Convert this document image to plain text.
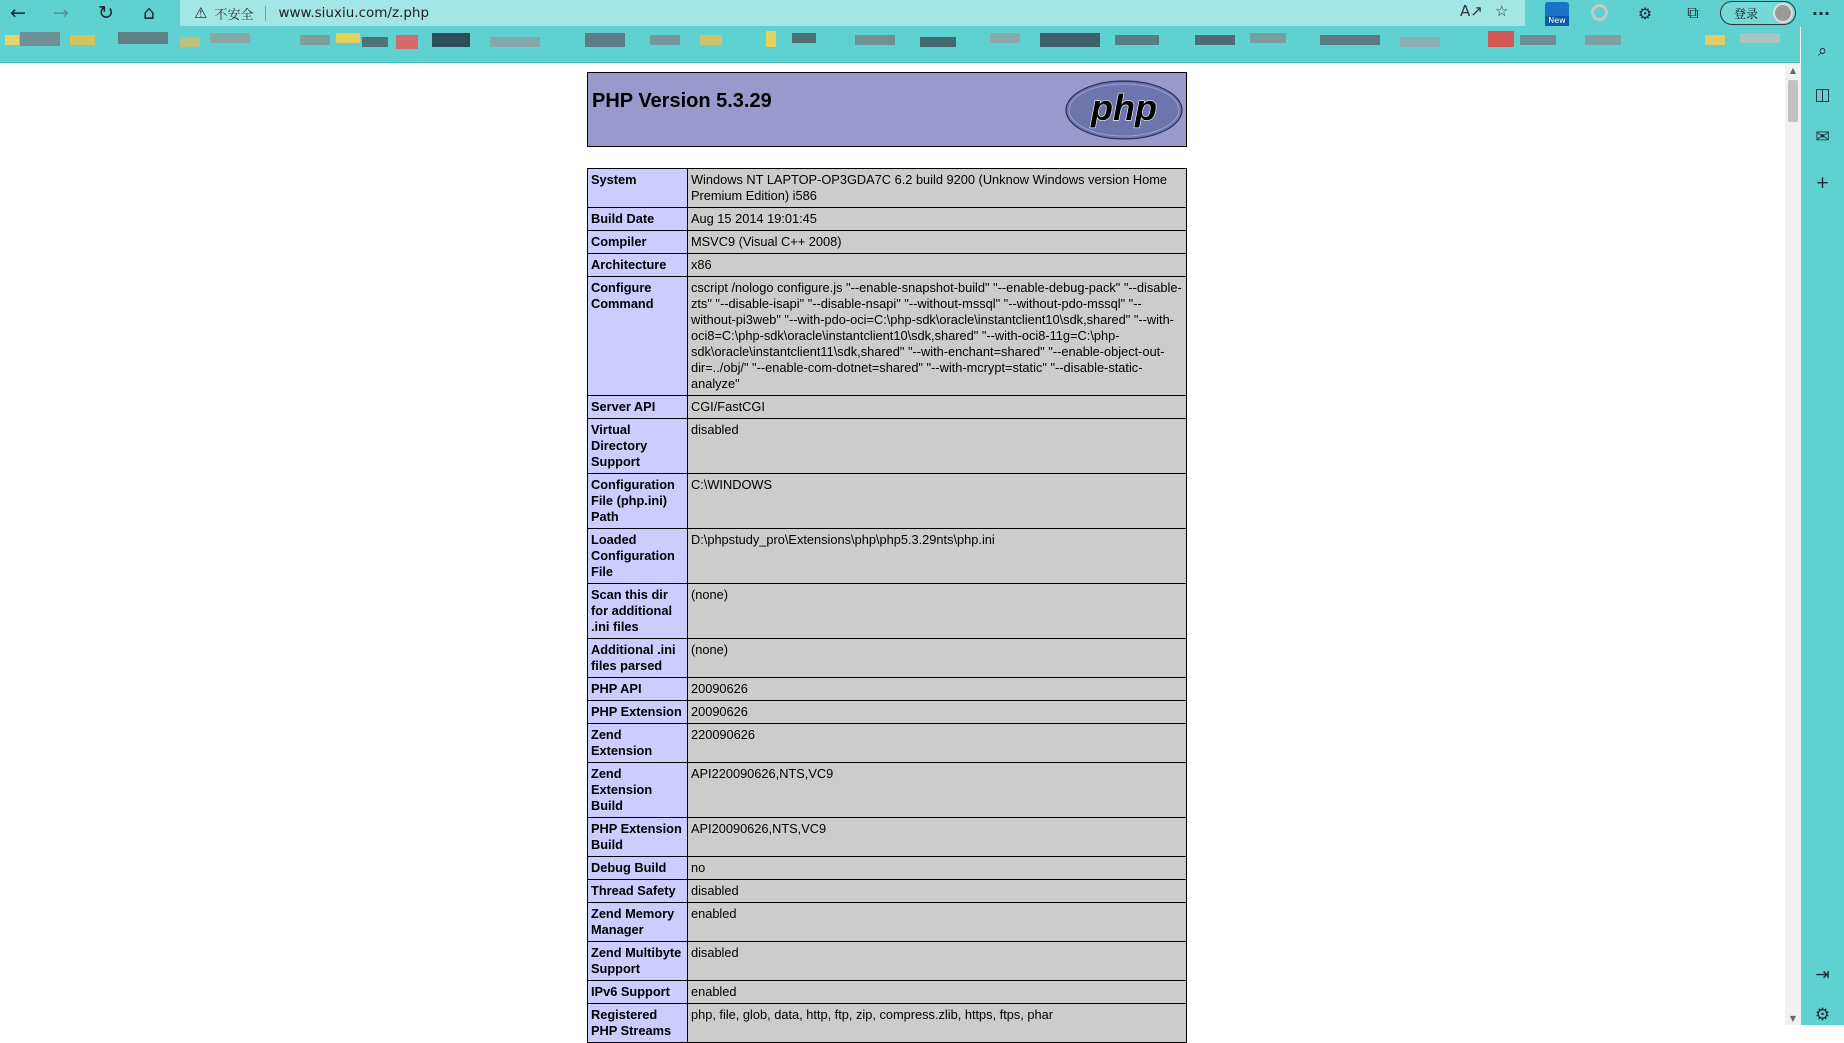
←	→	↻	⌂	⚠ 不安全 www.siuxiu.com/z.php	A↗ ☆
New	⚙	⧉	登录	···
⌕
◫
✉
+
⇥
⚙
▲
▼
PHP Version 5.3.29	php
System	Windows NT LAPTOP-OP3GDA7C 6.2 build 9200 (Unknow Windows version Home Premium Edition) i586
Build Date	Aug 15 2014 19:01:45
Compiler	MSVC9 (Visual C++ 2008)
Architecture	x86
Configure Command	cscript /nologo configure.js "--enable-snapshot-build" "--enable-debug-pack" "--disable-zts" "--disable-isapi" "--disable-nsapi" "--without-mssql" "--without-pdo-mssql" "--without-pi3web" "--with-pdo-oci=C:\php-sdk\oracle\instantclient10\sdk,shared" "--with-oci8=C:\php-sdk\oracle\instantclient10\sdk,shared" "--with-oci8-11g=C:\php-sdk\oracle\instantclient11\sdk,shared" "--with-enchant=shared" "--enable-object-out-dir=../obj/" "--enable-com-dotnet=shared" "--with-mcrypt=static" "--disable-static-analyze"
Server API	CGI/FastCGI
Virtual Directory Support	disabled
Configuration File (php.ini) Path	C:\WINDOWS
Loaded Configuration File	D:\phpstudy_pro\Extensions\php\php5.3.29nts\php.ini
Scan this dir for additional .ini files	(none)
Additional .ini files parsed	(none)
PHP API	20090626
PHP Extension	20090626
Zend Extension	220090626
Zend Extension Build	API220090626,NTS,VC9
PHP Extension Build	API20090626,NTS,VC9
Debug Build	no
Thread Safety	disabled
Zend Memory Manager	enabled
Zend Multibyte Support	disabled
IPv6 Support	enabled
Registered PHP Streams	php, file, glob, data, http, ftp, zip, compress.zlib, https, ftps, phar
